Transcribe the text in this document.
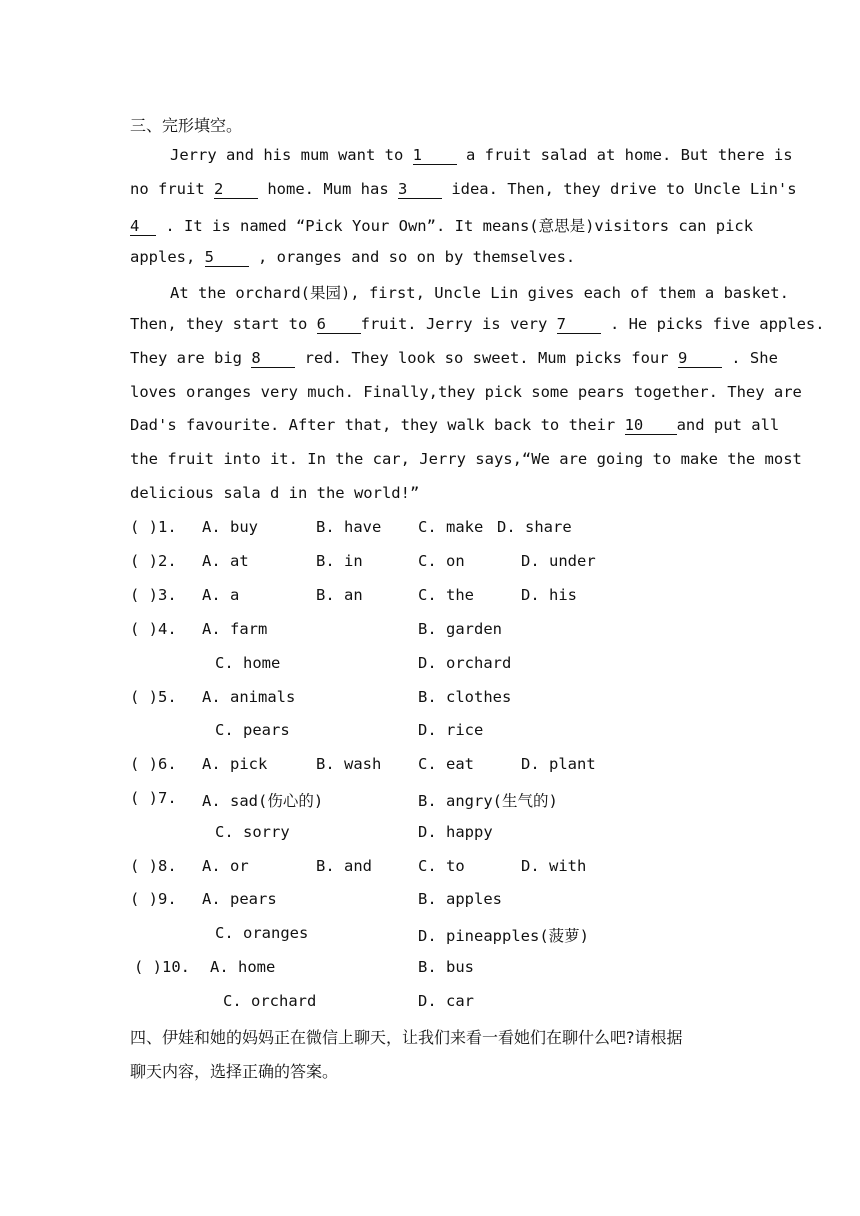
三、完形填空。
Jerry and his mum want to 1 a fruit salad at home. But there is
no fruit 2 home. Mum has 3 idea. Then, they drive to Uncle Lin's
4 . It is named “Pick Your Own”. It means(意思是)visitors can pick
apples, 5 , oranges and so on by themselves.
At the orchard(果园), first, Uncle Lin gives each of them a basket.
Then, they start to 6 fruit. Jerry is very 7 . He picks five apples.
They are big 8 red. They look so sweet. Mum picks four 9 . She
loves oranges very much. Finally,they pick some pears together. They are
Dad's favourite. After that, they walk back to their 10 and put all
the fruit into it. In the car, Jerry says,“We are going to make the most
delicious sala d in the world!”
( )1. A. buy	B. have C. make D. share
( )2. A. at	B. in	C. on	D. under
( )3. A. a	B. an	C. the	D. his
( )4. A. farm	B. garden
C. home	D. orchard
( )5. A. animals	B. clothes
C. pears	D. rice
( )6. A. pick	B. wash C. eat	D. plant
( )7. A. sad(伤心的)	B. angry(生气的)
C. sorry	D. happy
( )8. A. or	B. and	C. to	D. with
( )9. A. pears	B. apples
C. oranges	D. pineapples(菠萝)
( )10. A. home	B. bus
C. orchard	D. car
四、伊娃和她的妈妈正在微信上聊天，让我们来看一看她们在聊什么吧?请根据
聊天内容，选择正确的答案。
